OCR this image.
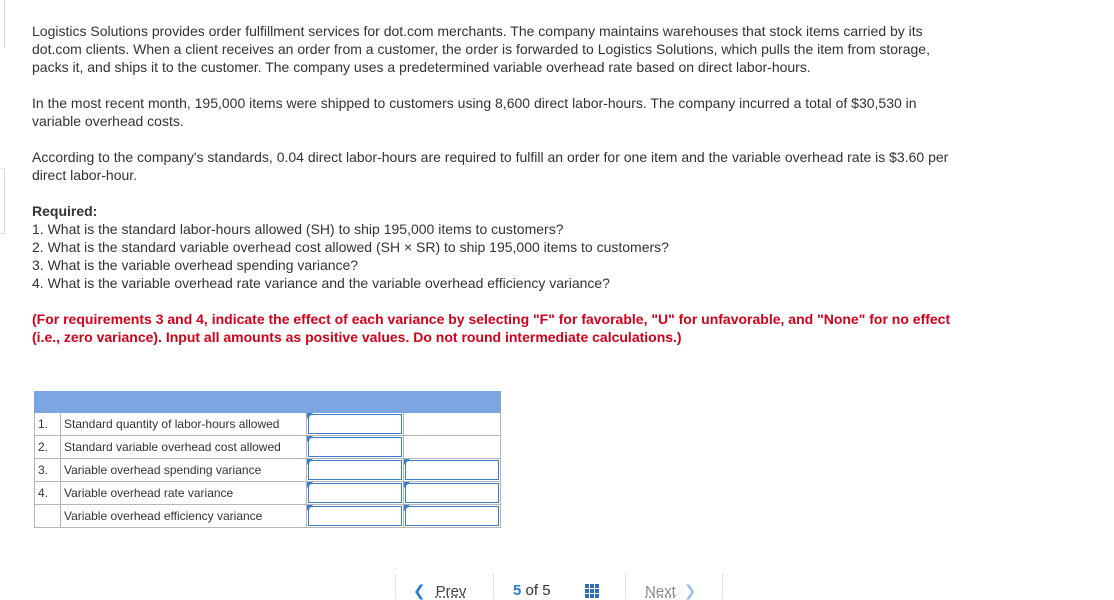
Logistics Solutions provides order fulfillment services for dot.com merchants. The company maintains warehouses that stock items carried by its dot.com clients. When a client receives an order from a customer, the order is forwarded to Logistics Solutions, which pulls the item from storage, packs it, and ships it to the customer. The company uses a predetermined variable overhead rate based on direct labor-hours.

In the most recent month, 195,000 items were shipped to customers using 8,600 direct labor-hours. The company incurred a total of $30,530 in variable overhead costs.

According to the company's standards, 0.04 direct labor-hours are required to fulfill an order for one item and the variable overhead rate is $3.60 per direct labor-hour.

Required:

1. What is the standard labor-hours allowed (SH) to ship 195,000 items to customers?
2. What is the standard variable overhead cost allowed (SH × SR) to ship 195,000 items to customers?
3. What is the variable overhead spending variance?
4. What is the variable overhead rate variance and the variable overhead efficiency variance?

(For requirements 3 and 4, indicate the effect of each variance by selecting "F" for favorable, "U" for unfavorable, and "None" for no effect (i.e., zero variance). Input all amounts as positive values. Do not round intermediate calculations.)

1.	Standard quantity of labor-hours allowed	

2.	Standard variable overhead cost allowed	

3.	Variable overhead spending variance	

4.	Variable overhead rate variance	

	Variable overhead efficiency variance	

❮ Prev	5 of 5	Next ❯
